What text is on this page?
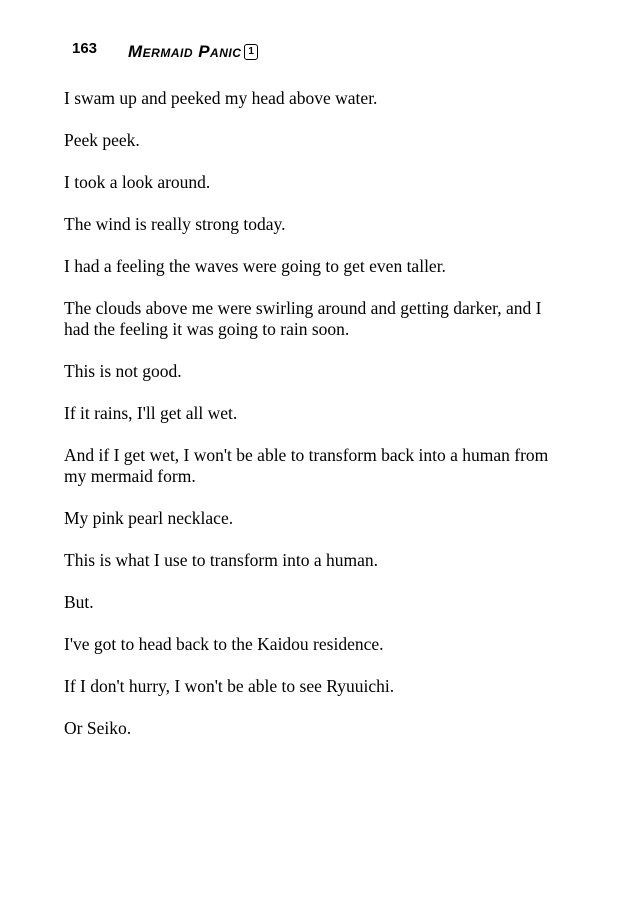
163 Mermaid Panic 1

I swam up and peeked my head above water.

Peek peek.

I took a look around.

The wind is really strong today.

I had a feeling the waves were going to get even taller.

The clouds above me were swirling around and getting darker, and I had the feeling it was going to rain soon.

This is not good.

If it rains, I'll get all wet.

And if I get wet, I won't be able to transform back into a human from my mermaid form.

My pink pearl necklace.

This is what I use to transform into a human.

But.

I've got to head back to the Kaidou residence.

If I don't hurry, I won't be able to see Ryuuichi.

Or Seiko.
